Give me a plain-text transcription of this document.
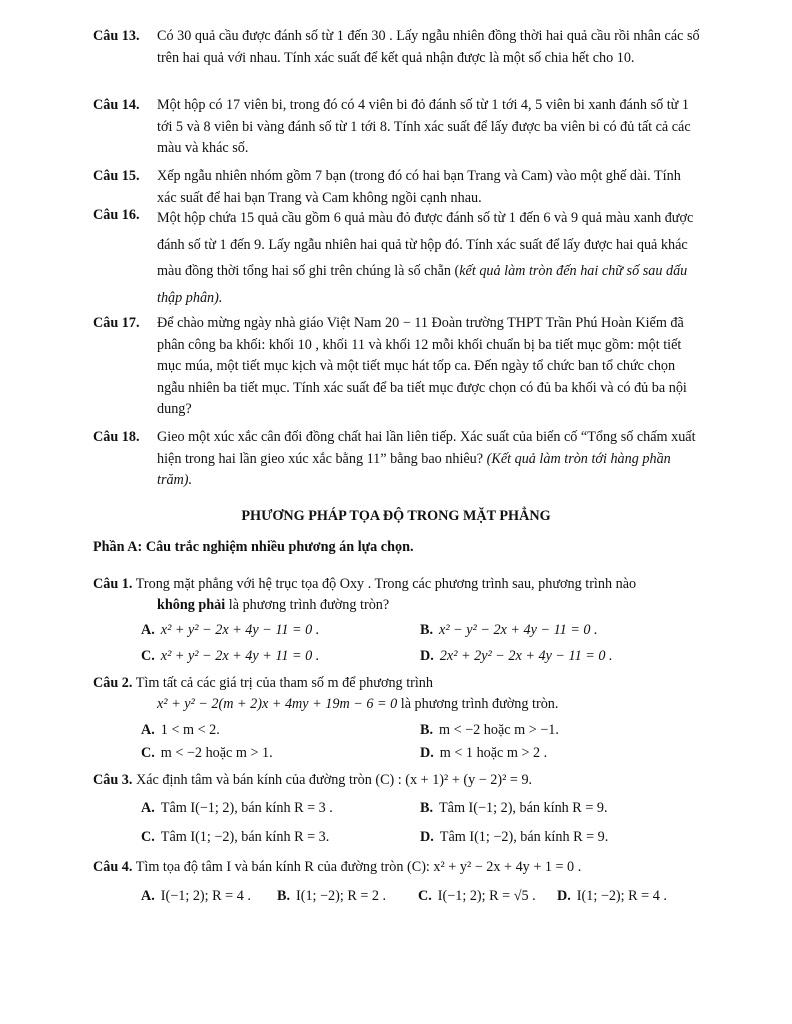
Câu 13. Có 30 quả cầu được đánh số từ 1 đến 30 . Lấy ngẫu nhiên đồng thời hai quả cầu rồi nhân các số trên hai quả với nhau. Tính xác suất để kết quả nhận được là một số chia hết cho 10.
Câu 14. Một hộp có 17 viên bi, trong đó có 4 viên bi đỏ đánh số từ 1 tới 4, 5 viên bi xanh đánh số từ 1 tới 5 và 8 viên bi vàng đánh số từ 1 tới 8. Tính xác suất để lấy được ba viên bi có đủ tất cả các màu và khác số.
Câu 15. Xếp ngẫu nhiên nhóm gồm 7 bạn (trong đó có hai bạn Trang và Cam) vào một ghế dài. Tính xác suất để hai bạn Trang và Cam không ngồi cạnh nhau.
Câu 16. Một hộp chứa 15 quả cầu gồm 6 quả màu đỏ được đánh số từ 1 đến 6 và 9 quả màu xanh được đánh số từ 1 đến 9. Lấy ngẫu nhiên hai quả từ hộp đó. Tính xác suất để lấy được hai quả khác màu đồng thời tổng hai số ghi trên chúng là số chẵn (kết quả làm tròn đến hai chữ số sau dấu thập phân).
Câu 17. Để chào mừng ngày nhà giáo Việt Nam 20 − 11 Đoàn trường THPT Trần Phú Hoàn Kiếm đã phân công ba khối: khối 10 , khối 11 và khối 12 mỗi khối chuẩn bị ba tiết mục gồm: một tiết mục múa, một tiết mục kịch và một tiết mục hát tốp ca. Đến ngày tổ chức ban tổ chức chọn ngẫu nhiên ba tiết mục. Tính xác suất để ba tiết mục được chọn có đủ ba khối và có đủ ba nội dung?
Câu 18. Gieo một xúc xắc cân đối đồng chất hai lần liên tiếp. Xác suất của biến cố “Tổng số chấm xuất hiện trong hai lần gieo xúc xắc bằng 11” bằng bao nhiêu? (Kết quả làm tròn tới hàng phần trăm).
PHƯƠNG PHÁP TỌA ĐỘ TRONG MẶT PHẲNG
Phần A: Câu trắc nghiệm nhiều phương án lựa chọn.
Câu 1. Trong mặt phẳng với hệ trục tọa độ Oxy . Trong các phương trình sau, phương trình nào
không phải là phương trình đường tròn?
A. x² + y² − 2x + 4y − 11 = 0 .	B. x² − y² − 2x + 4y − 11 = 0 .
C. x² + y² − 2x + 4y + 11 = 0 .	D. 2x² + 2y² − 2x + 4y − 11 = 0 .
Câu 2. Tìm tất cả các giá trị của tham số m để phương trình
x² + y² − 2(m + 2)x + 4my + 19m − 6 = 0 là phương trình đường tròn.
A. 1 < m < 2.	B. m < −2 hoặc m > −1.
C. m < −2 hoặc m > 1.	D. m < 1 hoặc m > 2 .
Câu 3. Xác định tâm và bán kính của đường tròn (C) : (x + 1)² + (y − 2)² = 9.
A. Tâm I(−1; 2), bán kính R = 3 .	B. Tâm I(−1; 2), bán kính R = 9.
C. Tâm I(1; −2), bán kính R = 3.	D. Tâm I(1; −2), bán kính R = 9.
Câu 4. Tìm tọa độ tâm I và bán kính R của đường tròn (C): x² + y² − 2x + 4y + 1 = 0 .
A. I(−1; 2); R = 4 . B. I(1; −2); R = 2 . C. I(−1; 2); R = √5 . D. I(1; −2); R = 4 .
